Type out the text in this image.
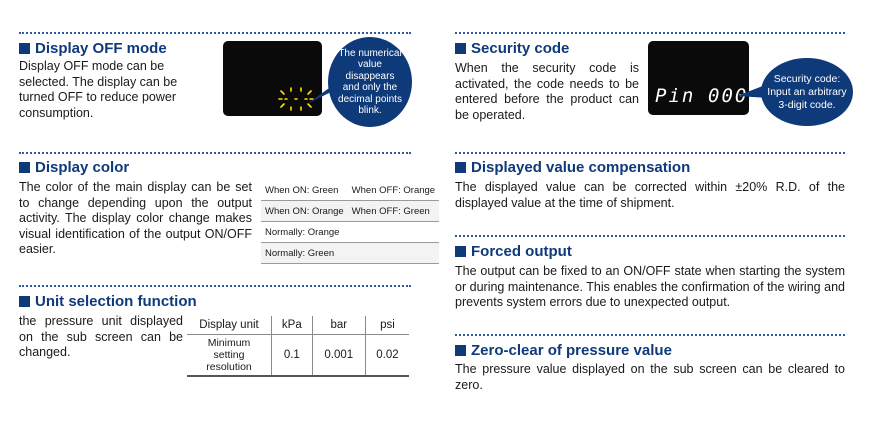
Display OFF mode
Display OFF mode can be selected. The display can be turned OFF to reduce power consumption.
The numerical value disappears and only the decimal points blink.
Display color
The color of the main display can be set to change depending upon the output activity. The display color change makes visual identification of the output ON/OFF easier.
When ON: Green	When OFF: Orange
When ON: Orange	When OFF: Green
Normally: Orange	
Normally: Green	
Unit selection function
the pressure unit displayed on the sub screen can be changed.
Display unit	kPa	bar	psi
Minimum setting resolution	0.1	0.001	0.02
Security code
When the security code is activated, the code needs to be entered before the product can be operated.
Pin 000
Security code: Input an arbitrary 3-digit code.
Displayed value compensation
The displayed value can be corrected within ±20% R.D. of the displayed value at the time of shipment.
Forced output
The output can be fixed to an ON/OFF state when starting the system or during maintenance. This enables the confirmation of the wiring and prevents system errors due to unexpected output.
Zero-clear of pressure value
The pressure value displayed on the sub screen can be cleared to zero.
